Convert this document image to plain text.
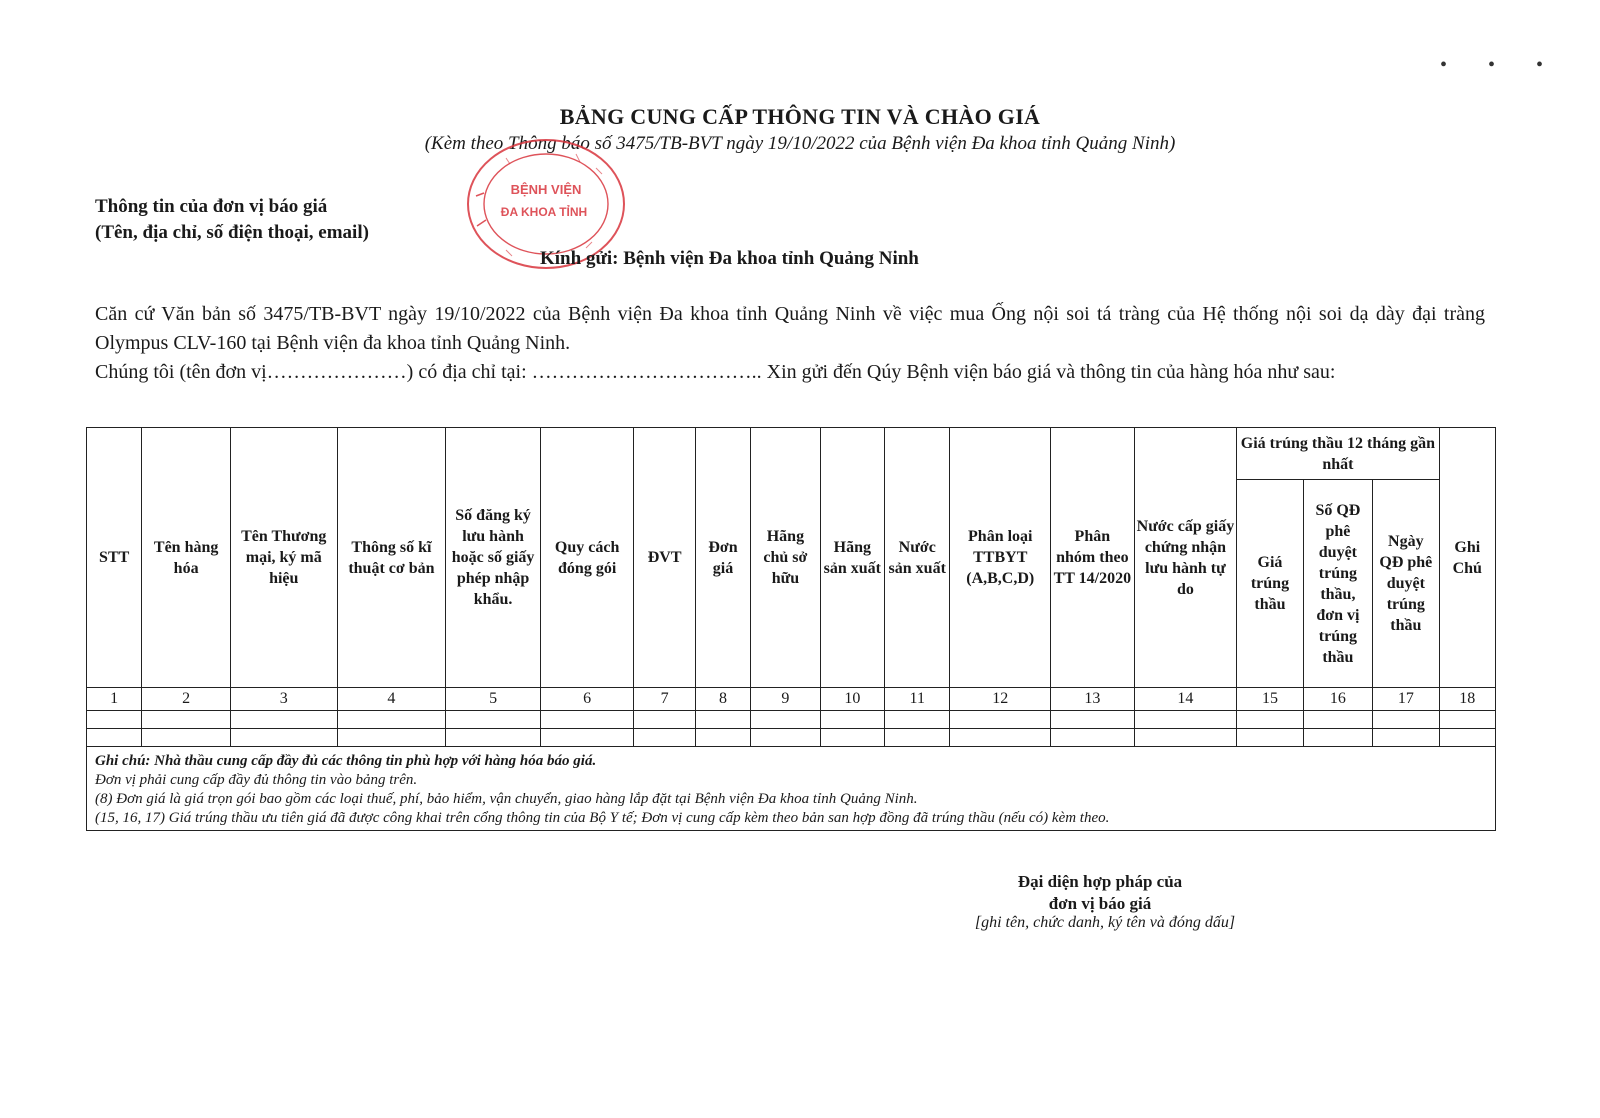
• • •
BẢNG CUNG CẤP THÔNG TIN VÀ CHÀO GIÁ
(Kèm theo Thông báo số 3475/TB-BVT ngày 19/10/2022 của Bệnh viện Đa khoa tỉnh Quảng Ninh)
Thông tin của đơn vị báo giá
(Tên, địa chỉ, số điện thoại, email)
BỆNH VIỆN
ĐA KHOA TỈNH
Kính gửi: Bệnh viện Đa khoa tỉnh Quảng Ninh
Căn cứ Văn bản số 3475/TB-BVT ngày 19/10/2022 của Bệnh viện Đa khoa tỉnh Quảng Ninh về việc mua Ống nội soi tá tràng của Hệ thống nội soi dạ dày đại tràng Olympus CLV-160 tại Bệnh viện đa khoa tỉnh Quảng Ninh.
Chúng tôi (tên đơn vị…………………) có địa chỉ tại: …………………………….. Xin gửi đến Qúy Bệnh viện báo giá và thông tin của hàng hóa như sau:
STT	Tên hàng hóa	Tên Thương mại, ký mã hiệu	Thông số kĩ thuật cơ bản	Số đăng ký lưu hành hoặc số giấy phép nhập khẩu.	Quy cách đóng gói	ĐVT	Đơn giá	Hãng chủ sở hữu	Hãng sản xuất	Nước sản xuất	Phân loại TTBYT (A,B,C,D)	Phân nhóm theo TT 14/2020	Nước cấp giấy chứng nhận lưu hành tự do	Giá trúng thầu 12 tháng gần nhất			Ghi Chú
														Giá trúng thầu	Số QĐ phê duyệt trúng thầu, đơn vị trúng thầu	Ngày QĐ phê duyệt trúng thầu	
1	2	3	4	5	6	7	8	9	10	11	12	13	14	15	16	17	18

Ghi chú: Nhà thầu cung cấp đầy đủ các thông tin phù hợp với hàng hóa báo giá.
Đơn vị phải cung cấp đầy đủ thông tin vào bảng trên.
(8) Đơn giá là giá trọn gói bao gồm các loại thuế, phí, bảo hiểm, vận chuyển, giao hàng lắp đặt tại Bệnh viện Đa khoa tỉnh Quảng Ninh.
(15, 16, 17) Giá trúng thầu ưu tiên giá đã được công khai trên cổng thông tin của Bộ Y tế; Đơn vị cung cấp kèm theo bản san hợp đồng đã trúng thầu (nếu có) kèm theo.																	
Đại diện hợp pháp của
đơn vị báo giá
[ghi tên, chức danh, ký tên và đóng dấu]
